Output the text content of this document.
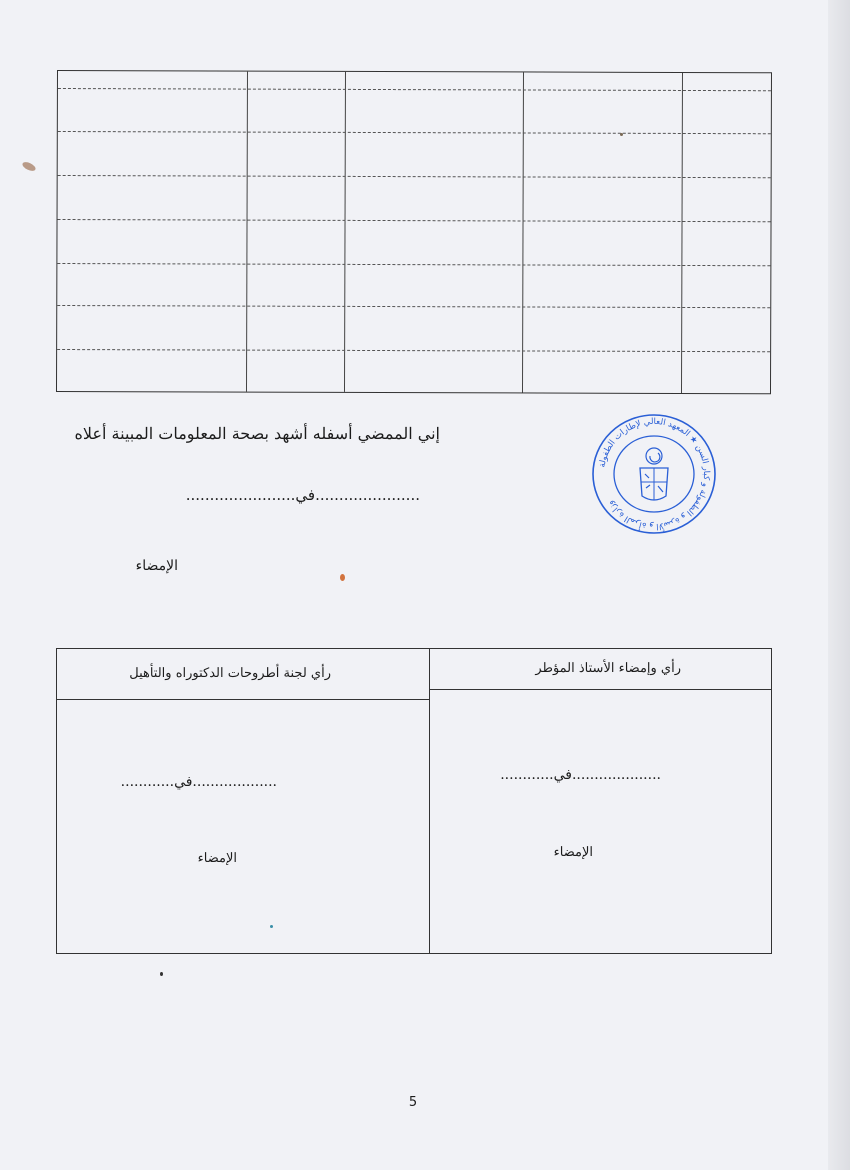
إني الممضي أسفله أشهد بصحة المعلومات المبينة أعلاه
......................في.......................
الإمضاء
وزارة المرأة و الأسرة و الطفولة و كبار السن ★ المعهد العالي لإطارات الطفولة
رأي وإمضاء الأستاذ المؤطر
رأي لجنة أطروحات الدكتوراه والتأهيل
....................في............
...................في............
الإمضاء
الإمضاء
5
